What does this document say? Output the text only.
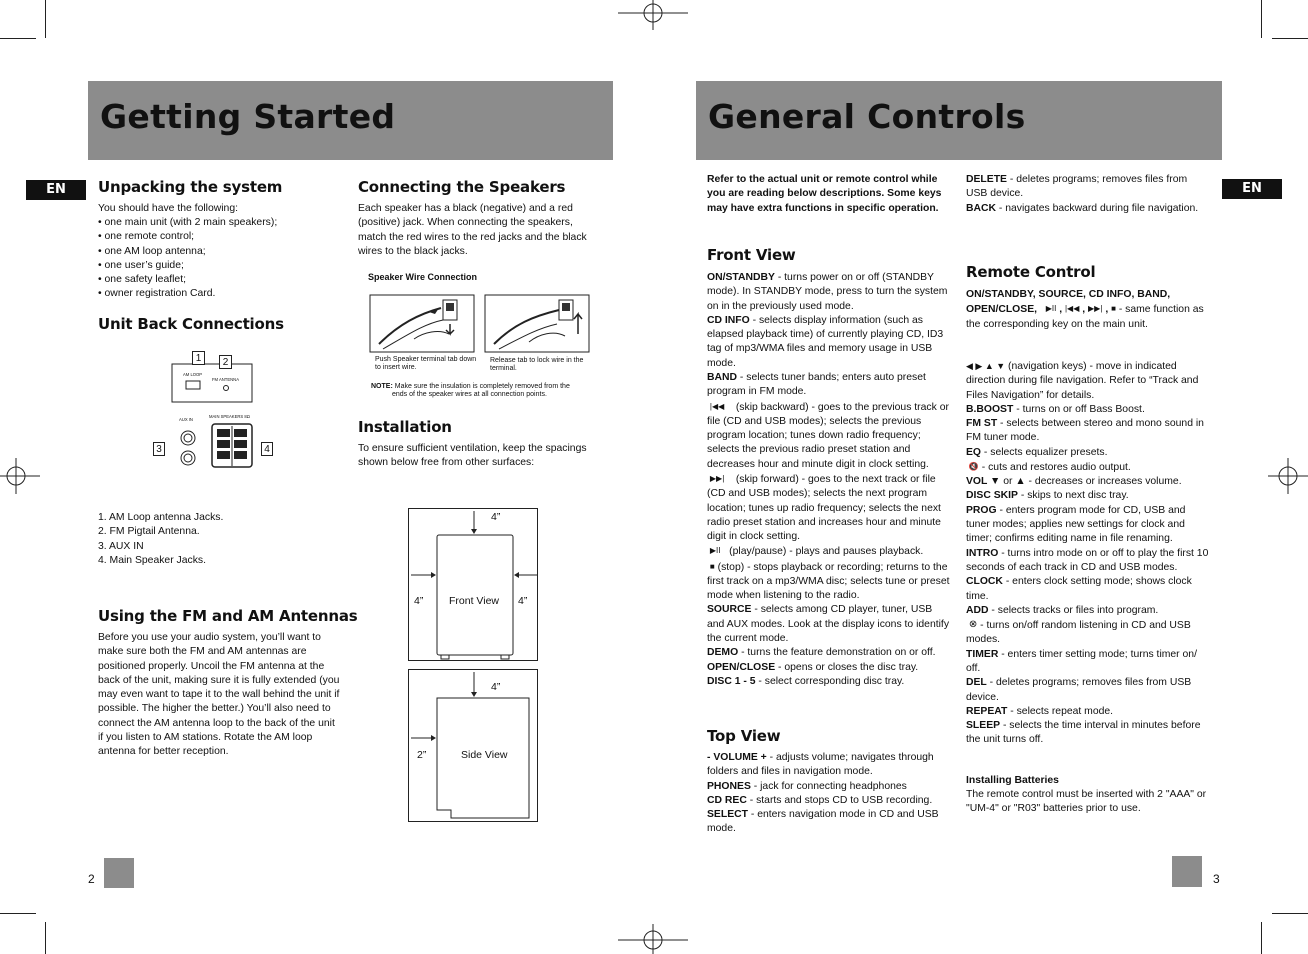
Getting Started
EN	Unpacking the system

You should have the following:

• one main unit (with 2 main speakers);
• one remote control;
• one AM loop antenna;
• one user’s guide;
• one safety leaflet;
• owner registration Card.
Unit Back Connections
1	2
3	4
AM LOOP
FM ANTENNA
AUX IN
MAIN SPEAKERS 8Ω
1. AM Loop antenna Jacks.
2. FM Pigtail Antenna.
3. AUX IN
4. Main Speaker Jacks.
Using the FM and AM Antennas

Before you use your audio system, you’ll want to make sure both the FM and AM antennas are positioned properly. Uncoil the FM antenna at the back of the unit, making sure it is fully extended (you may even want to tape it to the wall behind the unit if possible. The higher the better.) You’ll also need to connect the AM antenna loop to the back of the unit if you listen to AM stations. Rotate the AM loop antenna for better reception.

Connecting the Speakers

Each speaker has a black (negative) and a red (positive) jack. When connecting the speakers, match the red wires to the red jacks and the black wires to the black jacks.

Speaker Wire Connection
Push Speaker terminal tab down to insert wire.
Release tab to lock wire in the terminal.
NOTE: Make sure the insulation is completely removed from the
ends of the speaker wires at all connection points.
Installation

To ensure sufficient ventilation, keep the spacings shown below free from other surfaces:

4”
4”	4”
Front View
4”
2”	Side View
2
General Controls
EN

Refer to the actual unit or remote control while you are reading below descriptions. Some keys may have extra functions in specific operation.

Front View
ON/STANDBY - turns power on or off (STANDBY mode). In STANDBY mode, press to turn the system on in the previously used mode.
CD INFO - selects display information (such as elapsed playback time) of currently playing CD, ID3 tag of mp3/WMA files and memory usage in USB mode.
BAND - selects tuner bands; enters auto preset program in FM mode.
|◀◀ (skip backward) - goes to the previous track or file (CD and USB modes); selects the previous program location; tunes down radio frequency; selects the previous radio preset station and decreases hour and minute digit in clock setting.
▶▶| (skip forward) - goes to the next track or file (CD and USB modes); selects the next program location; tunes up radio frequency; selects the next radio preset station and increases hour and minute digit in clock setting.
▶II (play/pause) - plays and pauses playback.
■ (stop) - stops playback or recording; returns to the first track on a mp3/WMA disc; selects tune or preset mode when listening to the radio.
SOURCE - selects among CD player, tuner, USB and AUX modes. Look at the display icons to identify the current mode.
DEMO - turns the feature demonstration on or off.
OPEN/CLOSE - opens or closes the disc tray.
DISC 1 - 5 - select corresponding disc tray.
Top View
- VOLUME + - adjusts volume; navigates through folders and files in navigation mode.
PHONES - jack for connecting headphones
CD REC - starts and stops CD to USB recording.
SELECT - enters navigation mode in CD and USB mode.
DELETE - deletes programs; removes files from USB device.
BACK - navigates backward during file navigation.
Remote Control
ON/STANDBY, SOURCE, CD INFO, BAND,
OPEN/CLOSE, ▶II , |◀◀ , ▶▶| , ■ - same function as the corresponding key on the main unit.
◀ ▶ ▲ ▼ (navigation keys) - move in indicated direction during file navigation. Refer to “Track and Files Navigation” for details.
B.BOOST - turns on or off Bass Boost.
FM ST - selects between stereo and mono sound in FM tuner mode.
EQ - selects equalizer presets.
🔇 - cuts and restores audio output.
VOL ▼ or ▲ - decreases or increases volume.
DISC SKIP - skips to next disc tray.
PROG - enters program mode for CD, USB and tuner modes; applies new settings for clock and timer; confirms editing name in file renaming.
INTRO - turns intro mode on or off to play the first 10 seconds of each track in CD and USB modes.
CLOCK - enters clock setting mode; shows clock time.
ADD - selects tracks or files into program.
⊗ - turns on/off random listening in CD and USB modes.
TIMER - enters timer setting mode; turns timer on/ off.
DEL - deletes programs; removes files from USB device.
REPEAT - selects repeat mode.
SLEEP - selects the time interval in minutes before the unit turns off.
Installing Batteries

The remote control must be inserted with 2 "AAA" or "UM-4" or "R03" batteries prior to use.

3
